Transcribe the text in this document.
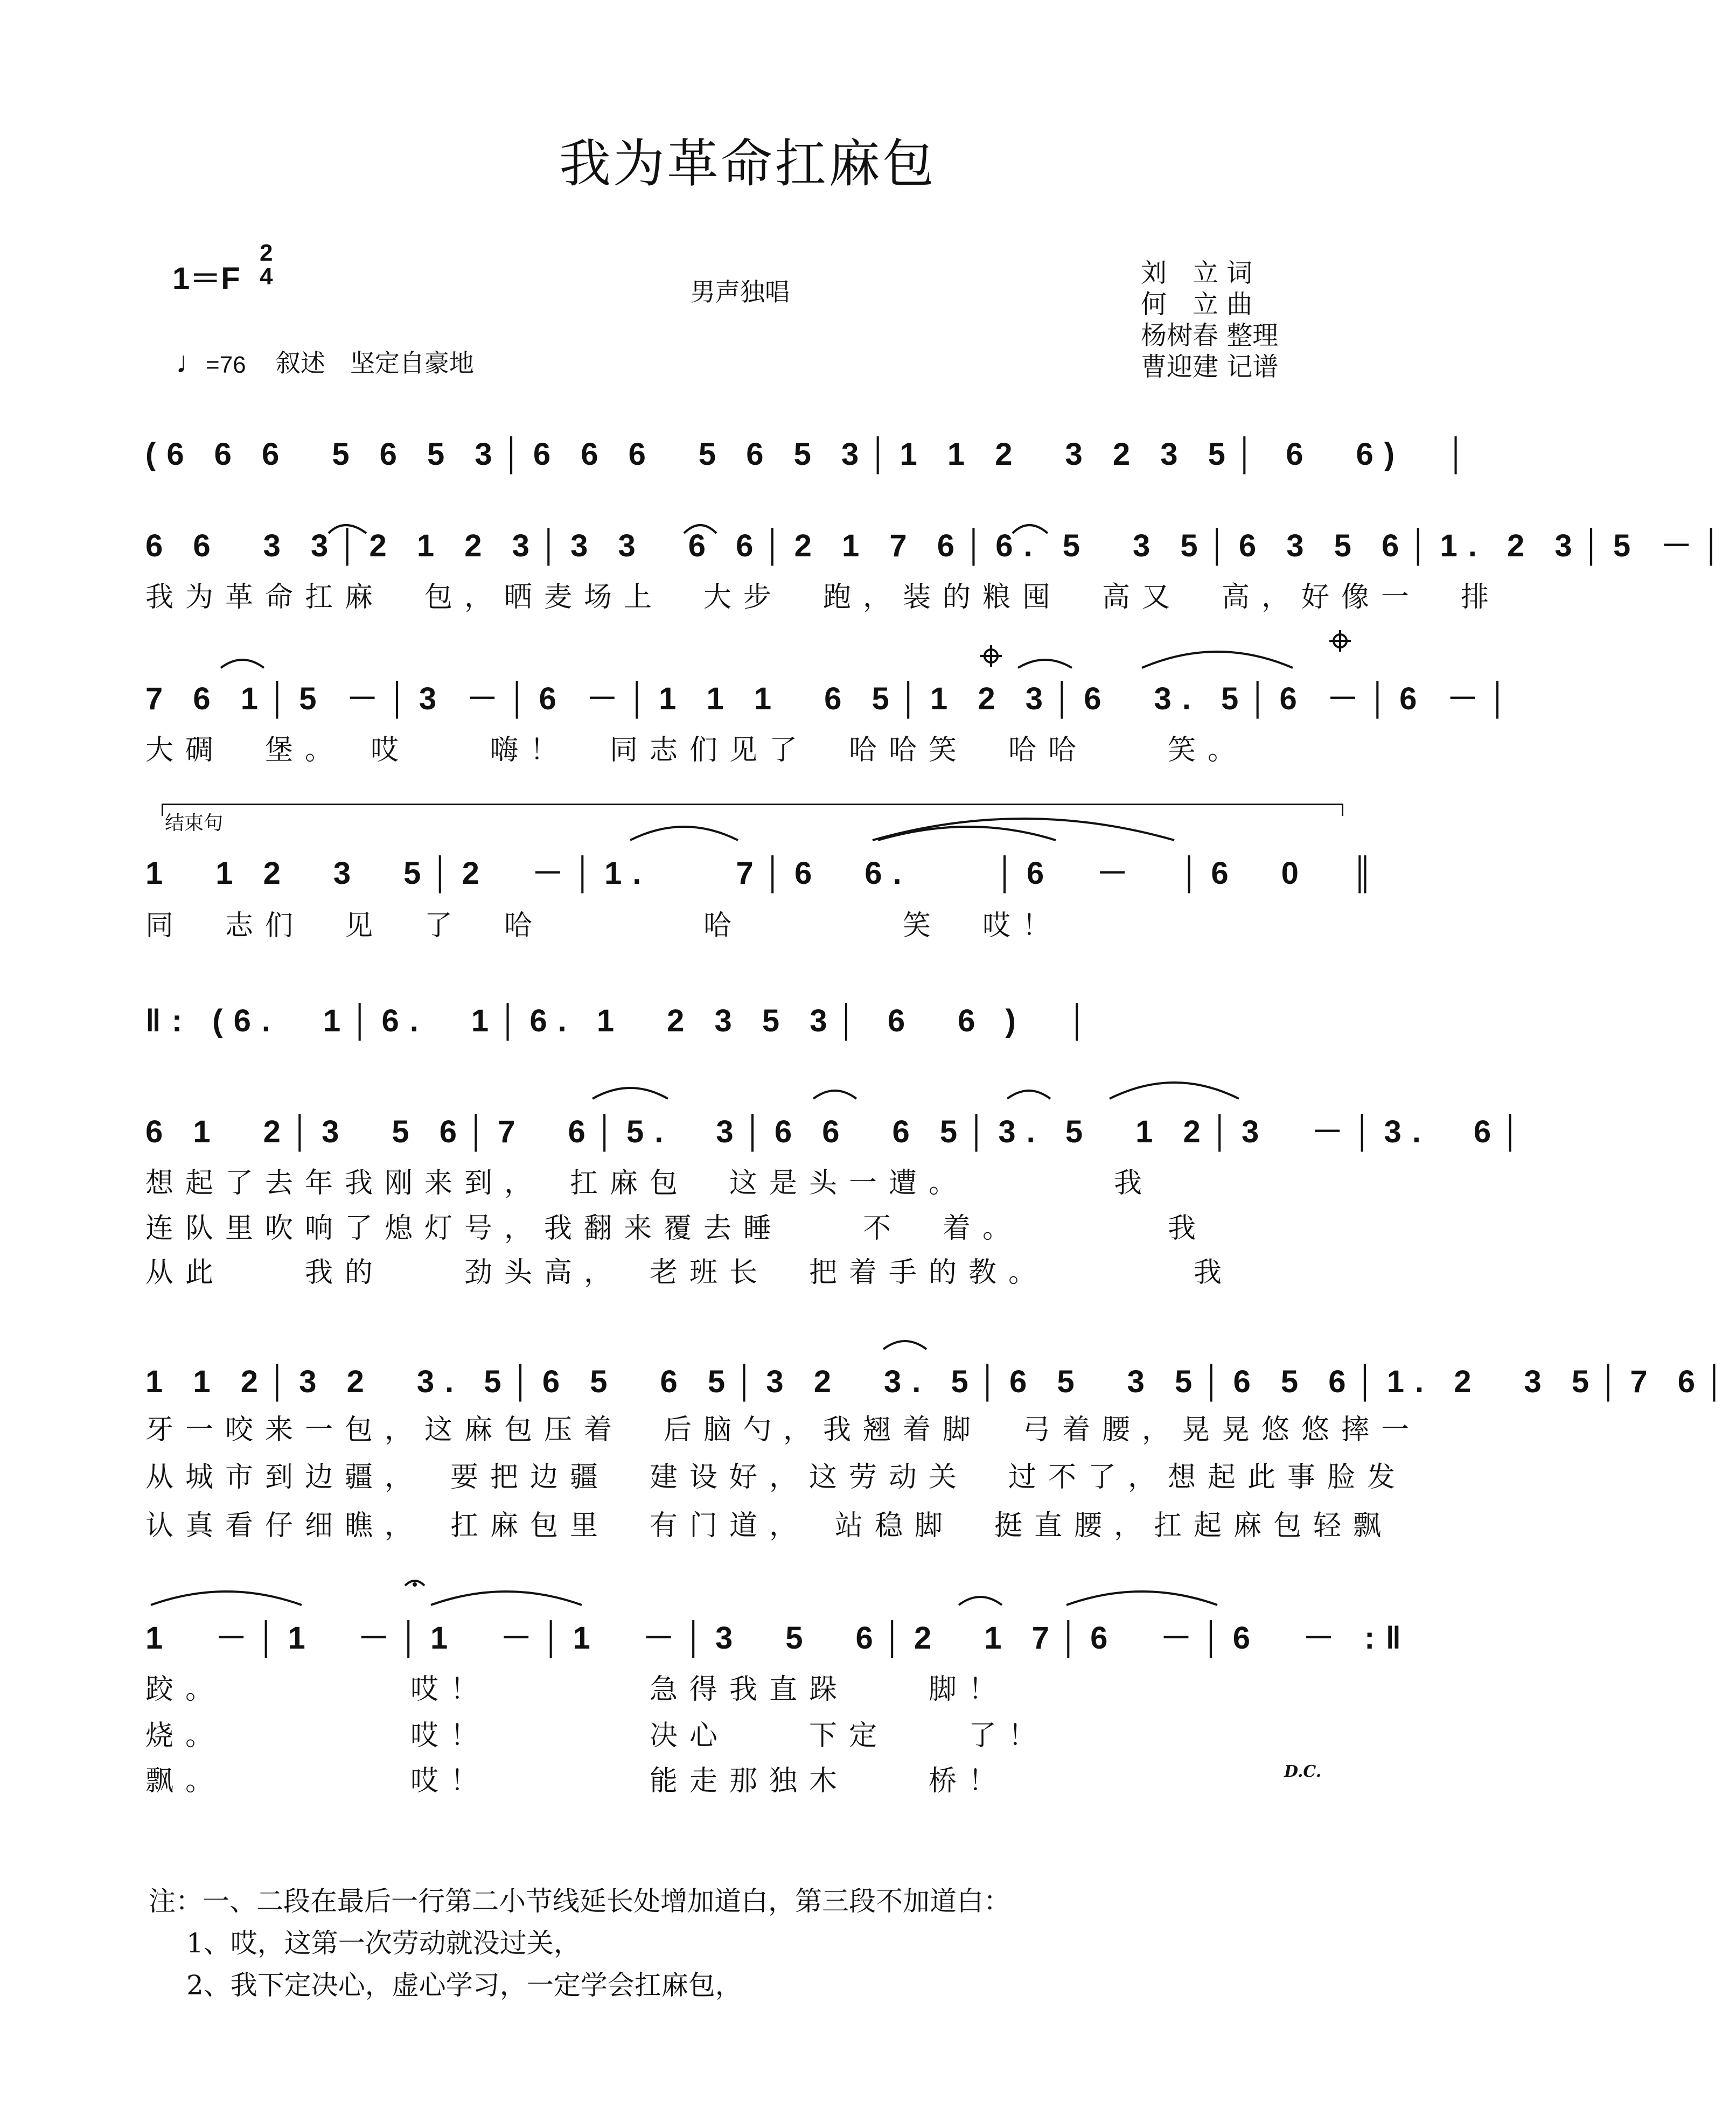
我为革命扛麻包
1＝F
2
4
男声独唱
刘　立 词
何　立 曲
杨树春 整理
曹迎建 记谱
♩=76 叙述　坚定自豪地
(6 6 6　5 6 5 3│6 6 6　5 6 5 3│1 1 2　3 2 3 5│ 6　6)　│
6 6　3 3│2 1 2 3│3 3　6 6│2 1 7 6│6. 5　3 5│6 3 5 6│1. 2 3│5 －│
我为革命扛麻　包，晒麦场上　大步　跑，装的粮囤　高又　高，好像一　排
7 6 1│5 －│3 －│6 －│1 1 1　6 5│1 2 3│6　3. 5│6 －│6 －│
大碉　堡。　哎　　嗨！　同志们见了　哈哈笑　哈哈　　笑。
结束句
1　1 2　3　5│2　－│1.　　7│6　6.　　│6　－　│6　0　║
同　志们　见　了　哈　　　　哈　　　　笑　哎！
‖: (6.　1│6.　1│6. 1　2 3 5 3│ 6　6 )　│
6 1　2│3　5 6│7　6│5.　3│6 6　6 5│3. 5　1 2│3　－│3.　6│
想起了去年我刚来到，　扛麻包　这是头一遭。　　　　我
连队里吹响了熄灯号，我翻来覆去睡　　不　着。　　　　我
从此　　我的　　劲头高，　老班长　把着手的教。　　　　我
1 1 2│3 2　3. 5│6 5　6 5│3 2　3. 5│6 5　3 5│6 5 6│1. 2　3 5│7 6│
牙一咬来一包，这麻包压着　后脑勺，我翘着脚　弓着腰，晃晃悠悠摔一
从城市到边疆，　要把边疆　建设好，这劳动关　过不了，想起此事脸发
认真看仔细瞧，　扛麻包里　有门道，　站稳脚　挺直腰，扛起麻包轻飘
1　－│1　－│1　－│1　－│3　5　6│2　1 7│6　－│6　－ :‖
跤。　　　　　哎！　　　　急得我直跺　　脚！
烧。　　　　　哎！　　　　决心　　下定　　了！
飘。　　　　　哎！　　　　能走那独木　　桥！	D.C.
注：一、二段在最后一行第二小节线延长处增加道白，第三段不加道白：
1、哎，这第一次劳动就没过关，
2、我下定决心，虚心学习，一定学会扛麻包，
